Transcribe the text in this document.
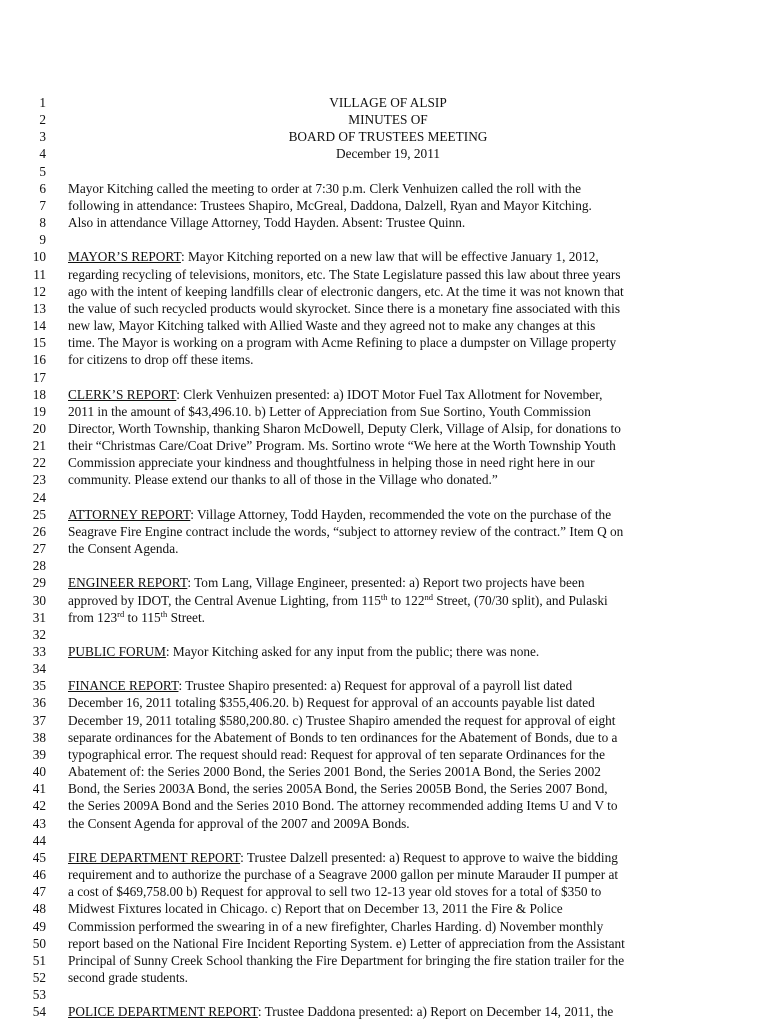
1	VILLAGE OF ALSIP
2	MINUTES OF
3	BOARD OF TRUSTEES MEETING
4	December 19, 2011
5
6 Mayor Kitching called the meeting to order at 7:30 p.m. Clerk Venhuizen called the roll with the
7 following in attendance: Trustees Shapiro, McGreal, Daddona, Dalzell, Ryan and Mayor Kitching.
8 Also in attendance Village Attorney, Todd Hayden. Absent: Trustee Quinn.
9
10 MAYOR’S REPORT: Mayor Kitching reported on a new law that will be effective January 1, 2012,
11 regarding recycling of televisions, monitors, etc. The State Legislature passed this law about three years
12 ago with the intent of keeping landfills clear of electronic dangers, etc. At the time it was not known that
13 the value of such recycled products would skyrocket. Since there is a monetary fine associated with this
14 new law, Mayor Kitching talked with Allied Waste and they agreed not to make any changes at this
15 time. The Mayor is working on a program with Acme Refining to place a dumpster on Village property
16 for citizens to drop off these items.
17
18 CLERK’S REPORT: Clerk Venhuizen presented: a) IDOT Motor Fuel Tax Allotment for November,
19 2011 in the amount of $43,496.10. b) Letter of Appreciation from Sue Sortino, Youth Commission
20 Director, Worth Township, thanking Sharon McDowell, Deputy Clerk, Village of Alsip, for donations to
21 their “Christmas Care/Coat Drive” Program. Ms. Sortino wrote “We here at the Worth Township Youth
22 Commission appreciate your kindness and thoughtfulness in helping those in need right here in our
23 community. Please extend our thanks to all of those in the Village who donated.”
24
25 ATTORNEY REPORT: Village Attorney, Todd Hayden, recommended the vote on the purchase of the
26 Seagrave Fire Engine contract include the words, “subject to attorney review of the contract.” Item Q on
27 the Consent Agenda.
28
29 ENGINEER REPORT: Tom Lang, Village Engineer, presented: a) Report two projects have been
30 approved by IDOT, the Central Avenue Lighting, from 115th to 122nd Street, (70/30 split), and Pulaski
31 from 123rd to 115th Street.
32
33 PUBLIC FORUM: Mayor Kitching asked for any input from the public; there was none.
34
35 FINANCE REPORT: Trustee Shapiro presented: a) Request for approval of a payroll list dated
36 December 16, 2011 totaling $355,406.20. b) Request for approval of an accounts payable list dated
37 December 19, 2011 totaling $580,200.80. c) Trustee Shapiro amended the request for approval of eight
38 separate ordinances for the Abatement of Bonds to ten ordinances for the Abatement of Bonds, due to a
39 typographical error. The request should read: Request for approval of ten separate Ordinances for the
40 Abatement of: the Series 2000 Bond, the Series 2001 Bond, the Series 2001A Bond, the Series 2002
41 Bond, the Series 2003A Bond, the series 2005A Bond, the Series 2005B Bond, the Series 2007 Bond,
42 the Series 2009A Bond and the Series 2010 Bond. The attorney recommended adding Items U and V to
43 the Consent Agenda for approval of the 2007 and 2009A Bonds.
44
45 FIRE DEPARTMENT REPORT: Trustee Dalzell presented: a) Request to approve to waive the bidding
46 requirement and to authorize the purchase of a Seagrave 2000 gallon per minute Marauder II pumper at
47 a cost of $469,758.00 b) Request for approval to sell two 12-13 year old stoves for a total of $350 to
48 Midwest Fixtures located in Chicago. c) Report that on December 13, 2011 the Fire & Police
49 Commission performed the swearing in of a new firefighter, Charles Harding. d) November monthly
50 report based on the National Fire Incident Reporting System. e) Letter of appreciation from the Assistant
51 Principal of Sunny Creek School thanking the Fire Department for bringing the fire station trailer for the
52 second grade students.
53
54 POLICE DEPARTMENT REPORT: Trustee Daddona presented: a) Report on December 14, 2011, the
